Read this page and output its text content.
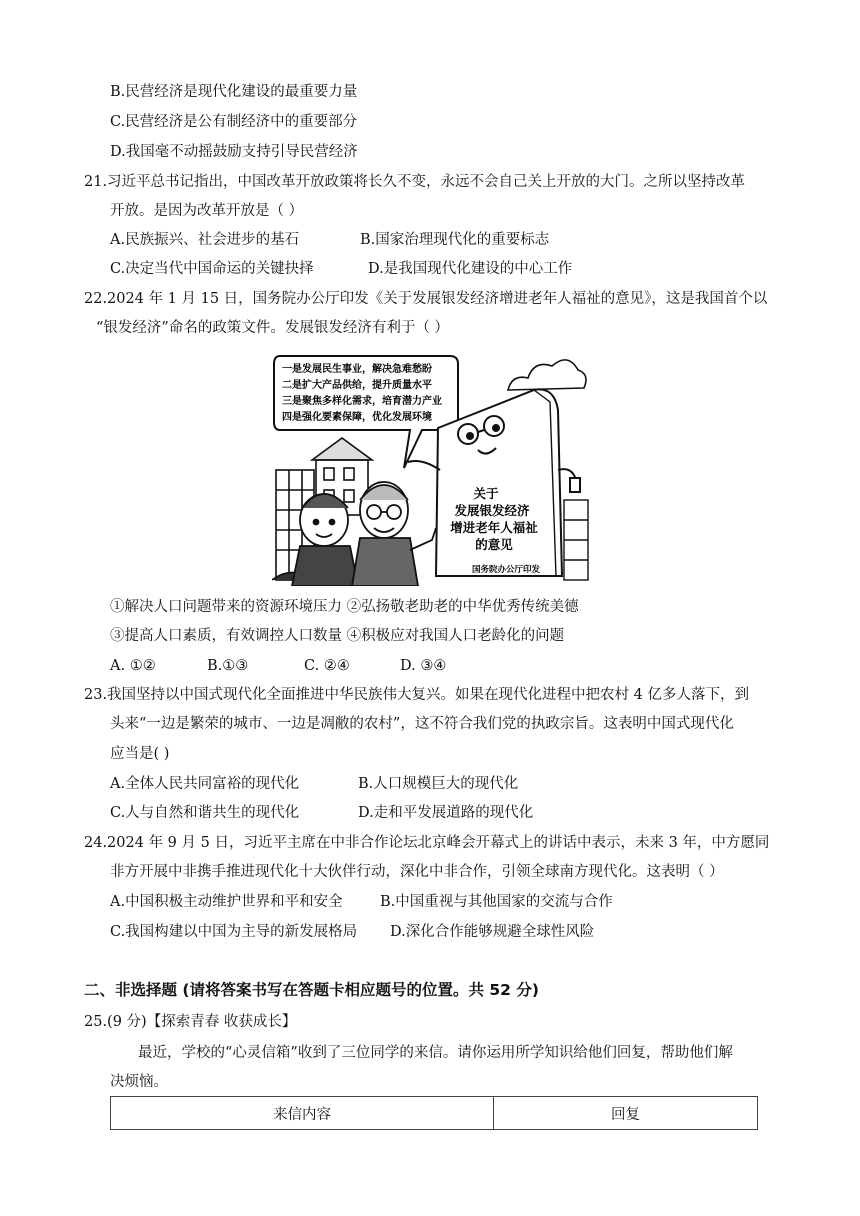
B.民营经济是现代化建设的最重要力量
C.民营经济是公有制经济中的重要部分
D.我国毫不动摇鼓励支持引导民营经济
21.习近平总书记指出，中国改革开放政策将长久不变，永远不会自己关上开放的大门。之所以坚持改革
开放。是因为改革开放是（ ）
A.民族振兴、社会进步的基石	B.国家治理现代化的重要标志
C.决定当代中国命运的关键抉择	D.是我国现代化建设的中心工作
22.2024 年 1 月 15 日，国务院办公厅印发《关于发展银发经济增进老年人福祉的意见》，这是我国首个以
“银发经济”命名的政策文件。发展银发经济有利于（ ）
一是发展民生事业，解决急难愁盼
二是扩大产品供给，提升质量水平
三是聚焦多样化需求，培育潜力产业
四是强化要素保障，优化发展环境
关于
发展银发经济
增进老年人福祉
的意见
国务院办公厅印发
①解决人口问题带来的资源环境压力 ②弘扬敬老助老的中华优秀传统美德
③提高人口素质，有效调控人口数量 ④积极应对我国人口老龄化的问题
A. ①②	B.①③	C. ②④	D. ③④
23.我国坚持以中国式现代化全面推进中华民族伟大复兴。如果在现代化进程中把农村 4 亿多人落下，到
头来“一边是繁荣的城市、一边是凋敝的农村”，这不符合我们党的执政宗旨。这表明中国式现代化
应当是( )
A.全体人民共同富裕的现代化	B.人口规模巨大的现代化
C.人与自然和谐共生的现代化	D.走和平发展道路的现代化
24.2024 年 9 月 5 日，习近平主席在中非合作论坛北京峰会开幕式上的讲话中表示，未来 3 年，中方愿同
非方开展中非携手推进现代化十大伙伴行动，深化中非合作，引领全球南方现代化。这表明（ ）
A.中国积极主动维护世界和平和安全	B.中国重视与其他国家的交流与合作
C.我国构建以中国为主导的新发展格局 D.深化合作能够规避全球性风险
二、非选择题 (请将答案书写在答题卡相应题号的位置。共 52 分)
25.(9 分)【探索青春 收获成长】
最近，学校的“心灵信箱”收到了三位同学的来信。请你运用所学知识给他们回复，帮助他们解
决烦恼。
来信内容	回复
